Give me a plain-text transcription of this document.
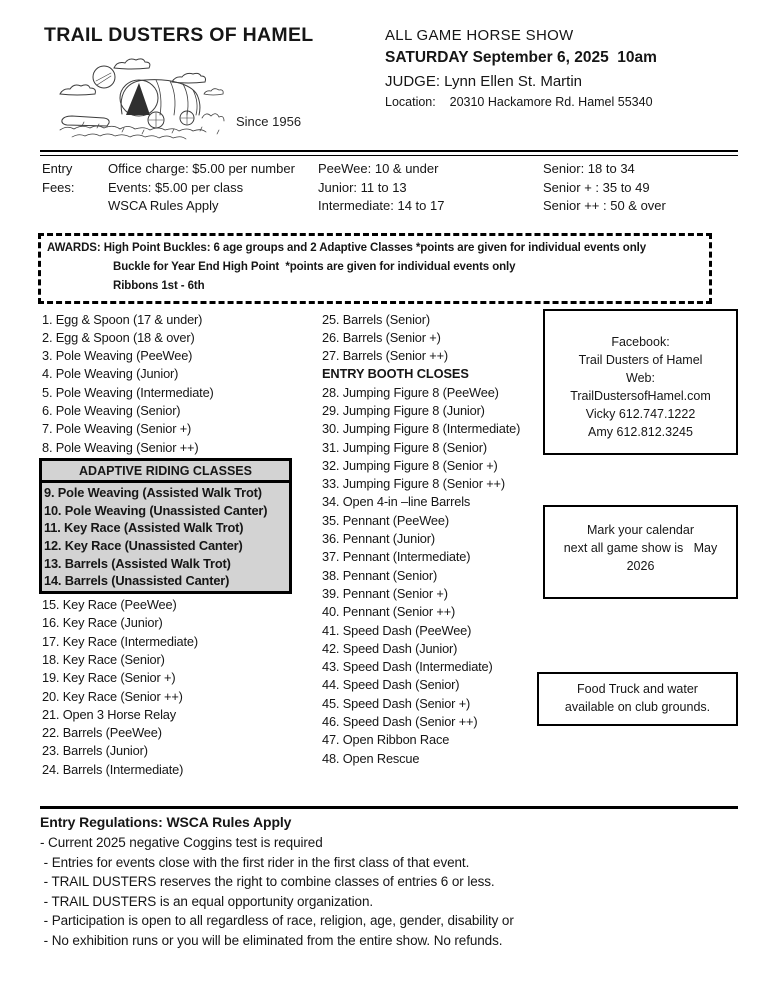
TRAIL DUSTERS OF HAMEL
Since 1956
ALL GAME HORSE SHOW
SATURDAY September 6, 2025  10am
JUDGE: Lynn Ellen St. Martin
Location:    20310 Hackamore Rd. Hamel 55340
Entry
Fees:
Office charge: $5.00 per number
Events: $5.00 per class
WSCA Rules Apply
PeeWee: 10 & under
Junior: 11 to 13
Intermediate: 14 to 17
Senior: 18 to 34
Senior + : 35 to 49
Senior ++ : 50 & over
AWARDS: High Point Buckles: 6 age groups and 2 Adaptive Classes *points are given for individual events only
Buckle for Year End High Point  *points are given for individual events only
Ribbons 1st - 6th
1. Egg & Spoon (17 & under)
2. Egg & Spoon (18 & over)
3. Pole Weaving (PeeWee)
4. Pole Weaving (Junior)
5. Pole Weaving (Intermediate)
6. Pole Weaving (Senior)
7. Pole Weaving (Senior +)
8. Pole Weaving (Senior ++)
ADAPTIVE RIDING CLASSES
9. Pole Weaving (Assisted Walk Trot)
10. Pole Weaving (Unassisted Canter)
11. Key Race (Assisted Walk Trot)
12. Key Race (Unassisted Canter)
13. Barrels (Assisted Walk Trot)
14. Barrels (Unassisted Canter)
15. Key Race (PeeWee)
16. Key Race (Junior)
17. Key Race (Intermediate)
18. Key Race (Senior)
19. Key Race (Senior +)
20. Key Race (Senior ++)
21. Open 3 Horse Relay
22. Barrels (PeeWee)
23. Barrels (Junior)
24. Barrels (Intermediate)
25. Barrels (Senior)
26. Barrels (Senior +)
27. Barrels (Senior ++)
ENTRY BOOTH CLOSES
28. Jumping Figure 8 (PeeWee)
29. Jumping Figure 8 (Junior)
30. Jumping Figure 8 (Intermediate)
31. Jumping Figure 8 (Senior)
32. Jumping Figure 8 (Senior +)
33. Jumping Figure 8 (Senior ++)
34. Open 4-in –line Barrels
35. Pennant (PeeWee)
36. Pennant (Junior)
37. Pennant (Intermediate)
38. Pennant (Senior)
39. Pennant (Senior +)
40. Pennant (Senior ++)
41. Speed Dash (PeeWee)
42. Speed Dash (Junior)
43. Speed Dash (Intermediate)
44. Speed Dash (Senior)
45. Speed Dash (Senior +)
46. Speed Dash (Senior ++)
47. Open Ribbon Race
48. Open Rescue
Facebook:
Trail Dusters of Hamel
Web:
TrailDustersofHamel.com
Vicky 612.747.1222
Amy 612.812.3245
Mark your calendar
next all game show is   May
2026
Food Truck and water
available on club grounds.
Entry Regulations: WSCA Rules Apply
- Current 2025 negative Coggins test is required
- Entries for events close with the first rider in the first class of that event.
- TRAIL DUSTERS reserves the right to combine classes of entries 6 or less.
- TRAIL DUSTERS is an equal opportunity organization.
- Participation is open to all regardless of race, religion, age, gender, disability or
- No exhibition runs or you will be eliminated from the entire show. No refunds.
